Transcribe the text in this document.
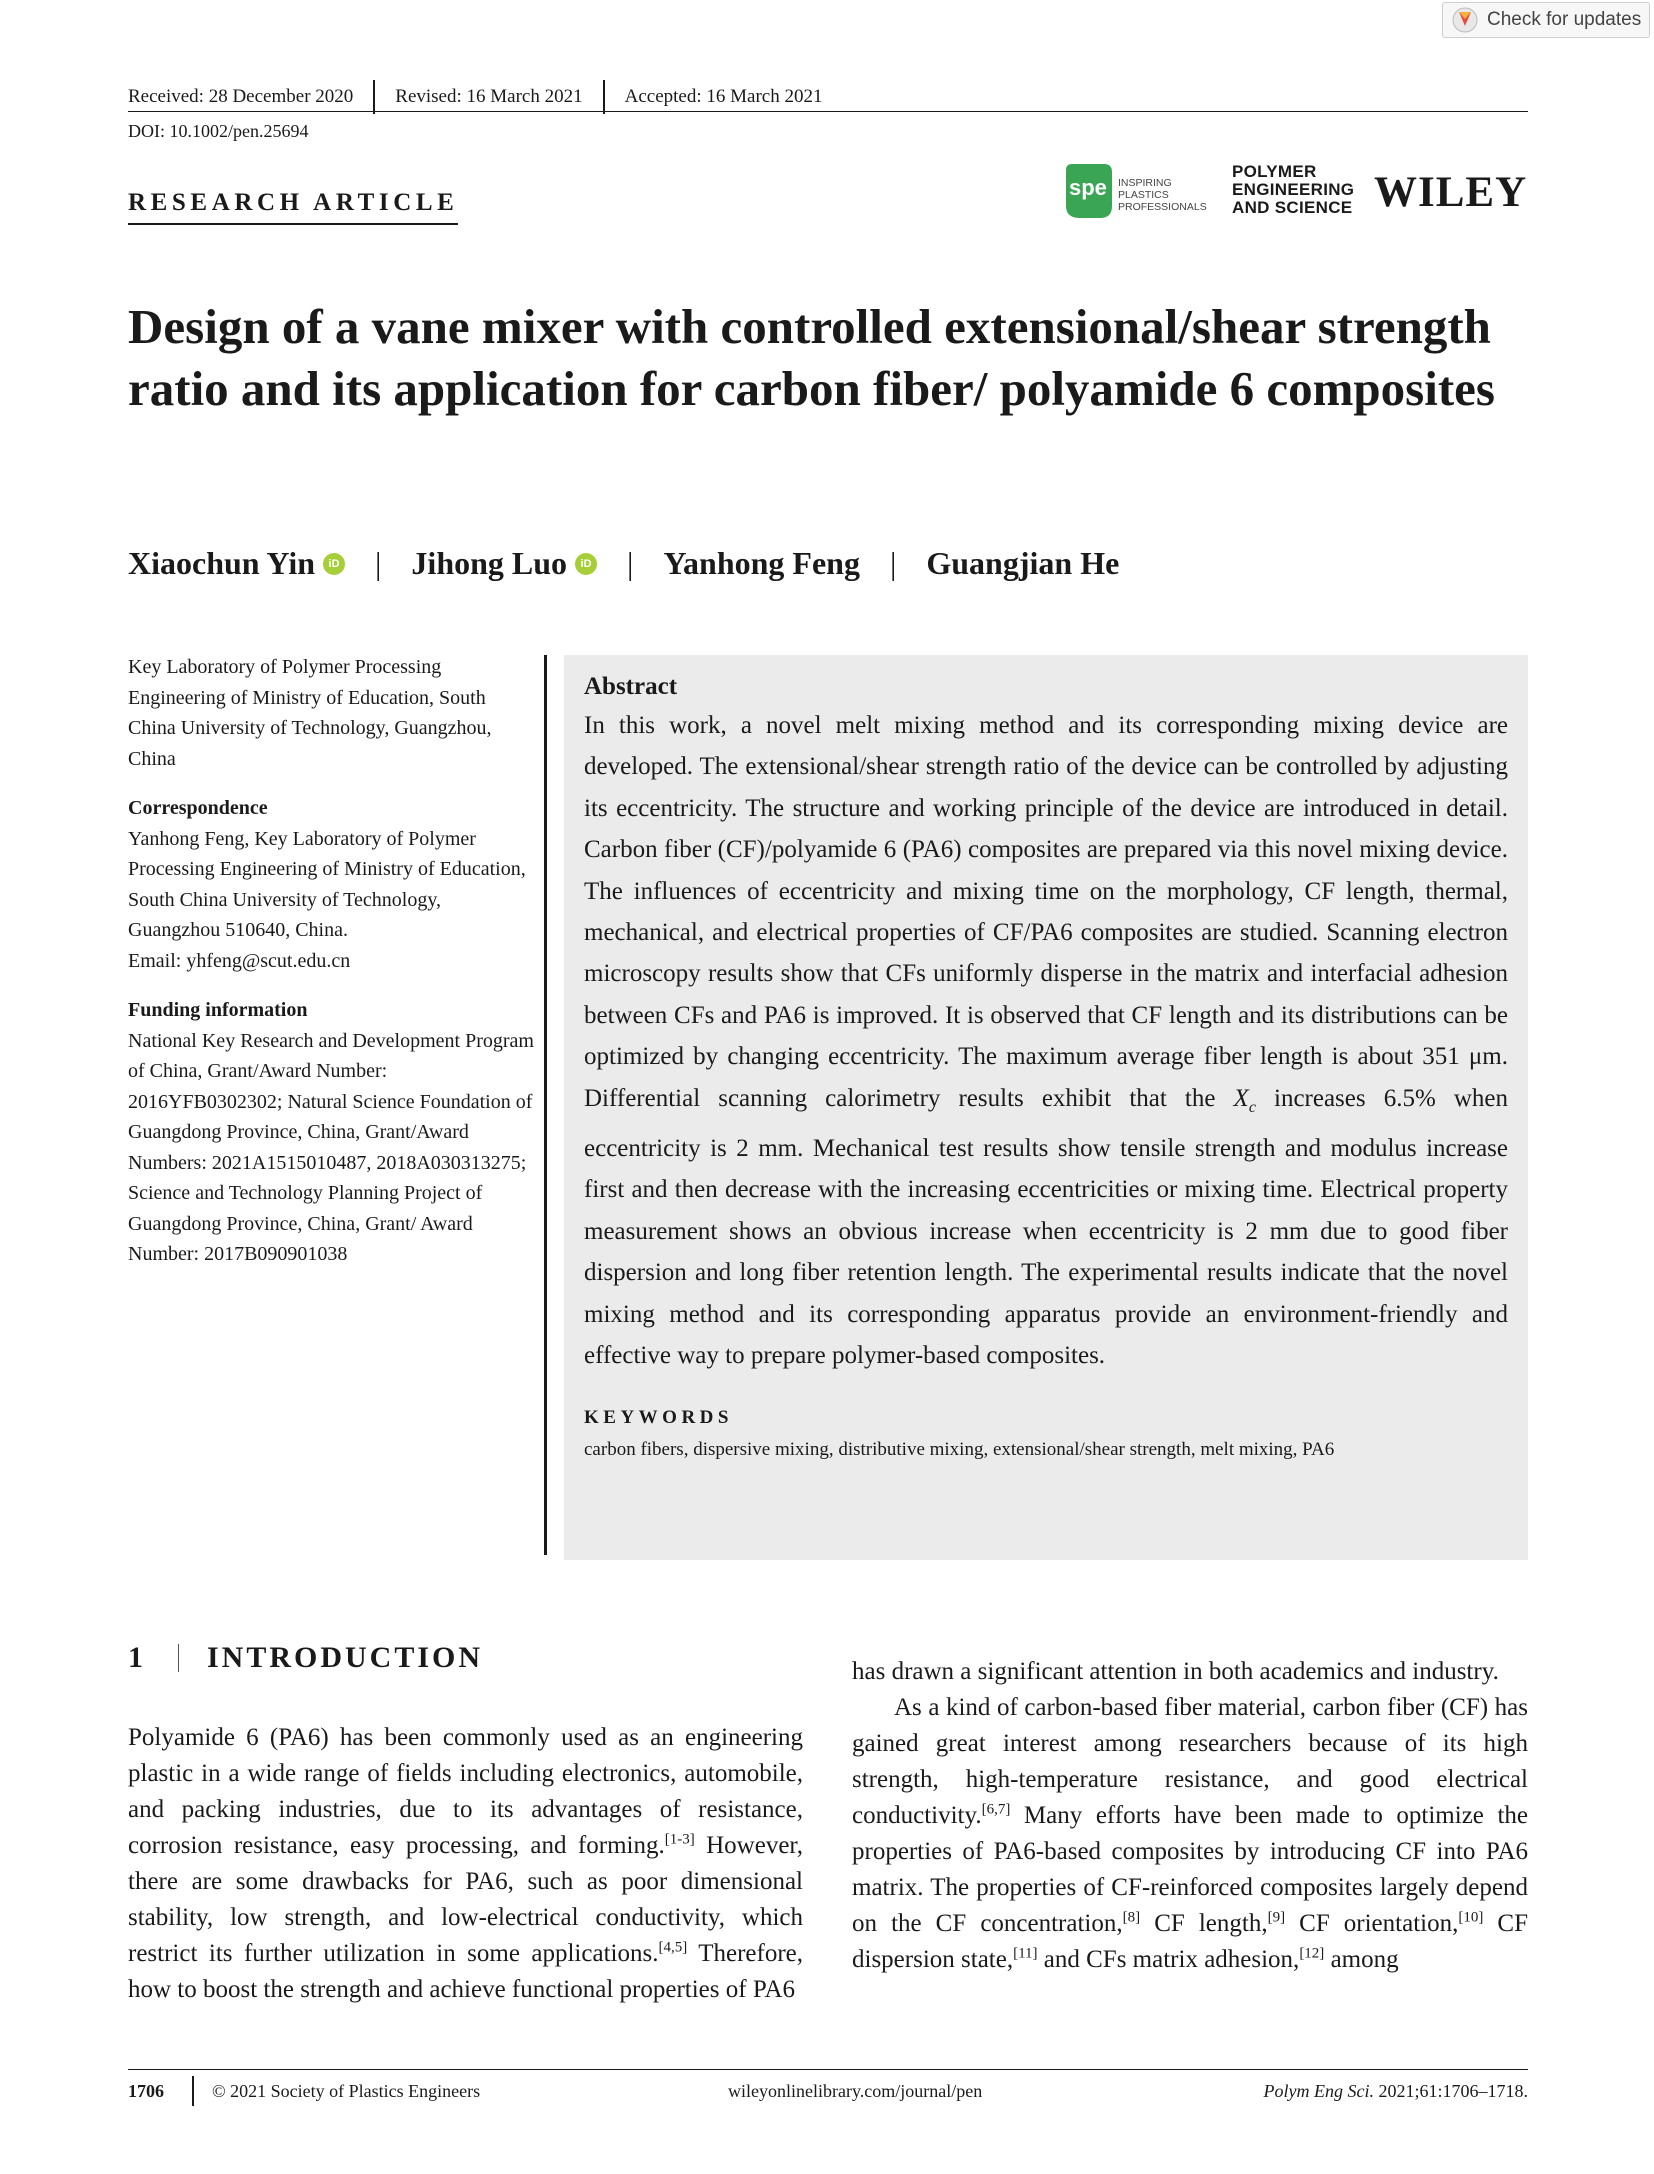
Check for updates
Received: 28 December 2020 Revised: 16 March 2021 Accepted: 16 March 2021
DOI: 10.1002/pen.25694
RESEARCH ARTICLE
spe INSPIRING
PLASTICS
PROFESSIONALS
POLYMER
ENGINEERING
AND SCIENCE WILEY
Design of a vane mixer with controlled extensional/shear strength ratio and its application for carbon fiber/ polyamide 6 composites
Xiaochun Yin	iD | Jihong Luo	iD | Yanhong Feng | Guangjian He

Key Laboratory of Polymer Processing Engineering of Ministry of Education, South China University of Technology, Guangzhou, China

Correspondence
Yanhong Feng, Key Laboratory of Polymer Processing Engineering of Ministry of Education, South China University of Technology, Guangzhou 510640, China.

Email: yhfeng@scut.edu.cn

Funding information
National Key Research and Development Program of China, Grant/Award Number: 2016YFB0302302; Natural Science Foundation of Guangdong Province, China, Grant/Award Numbers: 2021A1515010487, 2018A030313275; Science and Technology Planning Project of Guangdong Province, China, Grant/ Award Number: 2017B090901038
Abstract
In this work, a novel melt mixing method and its corresponding mixing device are developed. The extensional/shear strength ratio of the device can be controlled by adjusting its eccentricity. The structure and working principle of the device are introduced in detail. Carbon fiber (CF)/polyamide 6 (PA6) composites are prepared via this novel mixing device. The influences of eccentricity and mixing time on the morphology, CF length, thermal, mechanical, and electrical properties of CF/PA6 composites are studied. Scanning electron microscopy results show that CFs uniformly disperse in the matrix and interfacial adhesion between CFs and PA6 is improved. It is observed that CF length and its distributions can be optimized by changing eccentricity. The maximum average fiber length is about 351 μm. Differential scanning calorimetry results exhibit that the $X_c$ increases 6.5% when eccentricity is 2 mm. Mechanical test results show tensile strength and modulus increase first and then decrease with the increasing eccentricities or mixing time. Electrical property measurement shows an obvious increase when eccentricity is 2 mm due to good fiber dispersion and long fiber retention length. The experimental results indicate that the novel mixing method and its corresponding apparatus provide an environment-friendly and effective way to prepare polymer-based composites.
KEYWORDS
carbon fibers, dispersive mixing, distributive mixing, extensional/shear strength, melt mixing, PA6
1 INTRODUCTION

Polyamide 6 (PA6) has been commonly used as an engineering plastic in a wide range of fields including electronics, automobile, and packing industries, due to its advantages of resistance, corrosion resistance, easy processing, and forming.[1-3] However, there are some drawbacks for PA6, such as poor dimensional stability, low strength, and low-electrical conductivity, which restrict its further utilization in some applications.[4,5] Therefore, how to boost the strength and achieve functional properties of PA6

has drawn a significant attention in both academics and industry.

As a kind of carbon-based fiber material, carbon fiber (CF) has gained great interest among researchers because of its high strength, high-temperature resistance, and good electrical conductivity.[6,7] Many efforts have been made to optimize the properties of PA6-based composites by introducing CF into PA6 matrix. The properties of CF-reinforced composites largely depend on the CF concentration,[8] CF length,[9] CF orientation,[10] CF dispersion state,[11] and CFs matrix adhesion,[12] among

1706	© 2021 Society of Plastics Engineers	wileyonlinelibrary.com/journal/pen	Polym Eng Sci. 2021;61:1706–1718.
